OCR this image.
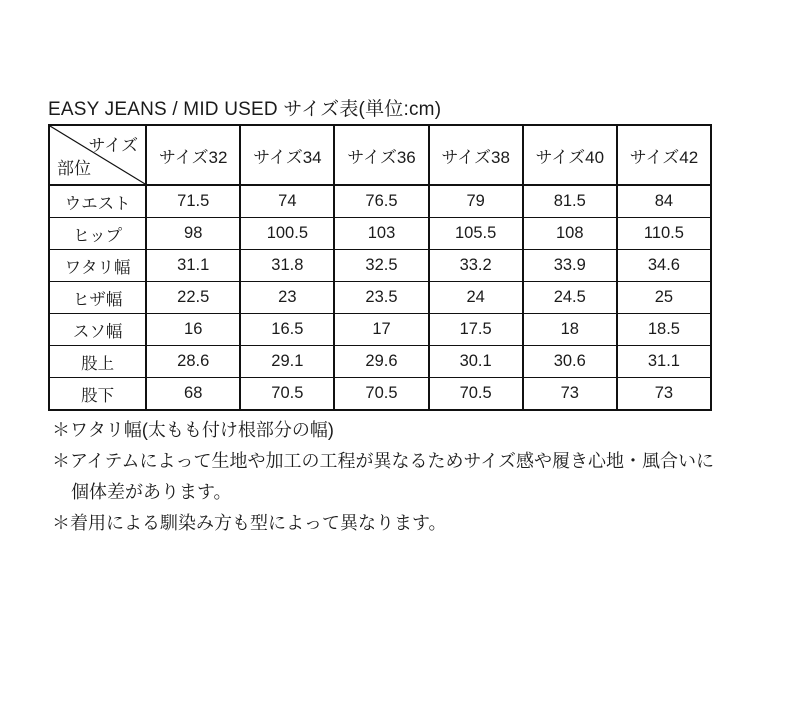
EASY JEANS / MID USED サイズ表(単位:cm)
サイズ
部位	サイズ32	サイズ34	サイズ36	サイズ38	サイズ40	サイズ42
ウエスト	71.5	74	76.5	79	81.5	84
ヒップ	98	100.5	103	105.5	108	110.5
ワタリ幅	31.1	31.8	32.5	33.2	33.9	34.6
ヒザ幅	22.5	23	23.5	24	24.5	25
スソ幅	16	16.5	17	17.5	18	18.5
股上	28.6	29.1	29.6	30.1	30.6	31.1
股下	68	70.5	70.5	70.5	73	73

＊ワタリ幅(太もも付け根部分の幅)

＊アイテムによって生地や加工の工程が異なるためサイズ感や履き心地・風合いに

個体差があります。

＊着用による馴染み方も型によって異なります。
